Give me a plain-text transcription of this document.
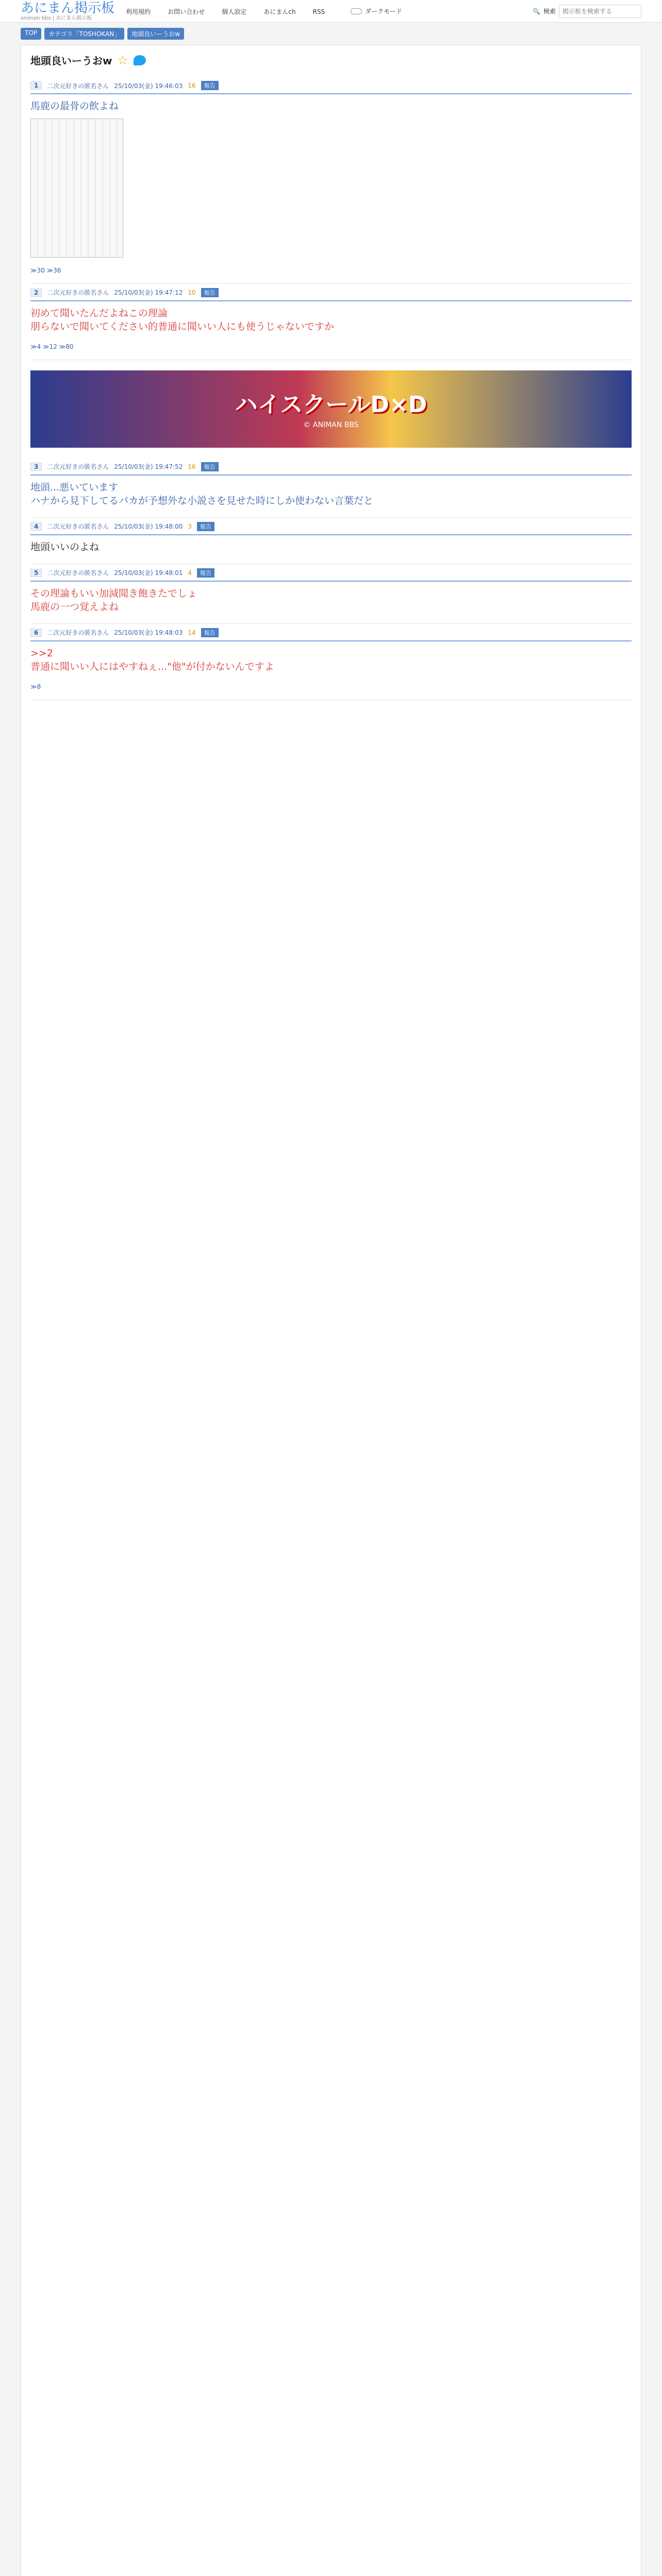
あにまん掲示板
animan bbs | あにまん掲示板
利用規約	お問い合わせ	個人設定	あにまんch	RSS	ダークモード	🔍 検索
掲示板を検索する
TOP	カテゴリ「TOSHOKAN」	地頭良いーうおw
地頭良いーうおw ☆
1	二次元好きの匿名さん 25/10/03(金) 19:46:03 16	報告
馬鹿の最骨の飲よね
≫30 ≫36
2	二次元好きの匿名さん 25/10/03(金) 19:47:12 10	報告
初めて聞いたんだよねこの理論
朋らないで聞いてください的普通に聞いい人にも使うじゃないですか
≫4 ≫12 ≫80
ハイスクールD×D
© ANIMAN BBS
3	二次元好きの匿名さん 25/10/03(金) 19:47:52 16	報告
地頭...悪いています
ハナから見下してるバカが予想外な小説さを見せた時にしか使わない言葉だと
4	二次元好きの匿名さん 25/10/03(金) 19:48:00 3	報告
地頭いいのよね
5	二次元好きの匿名さん 25/10/03(金) 19:48:01 4	報告
その理論もいい加減聞き飽きたでしょ
馬鹿の一つ覚えよね
6	二次元好きの匿名さん 25/10/03(金) 19:48:03 14	報告
>>2
普通に聞いい人にはやすねぇ..."他"が付かないんですよ
≫8
